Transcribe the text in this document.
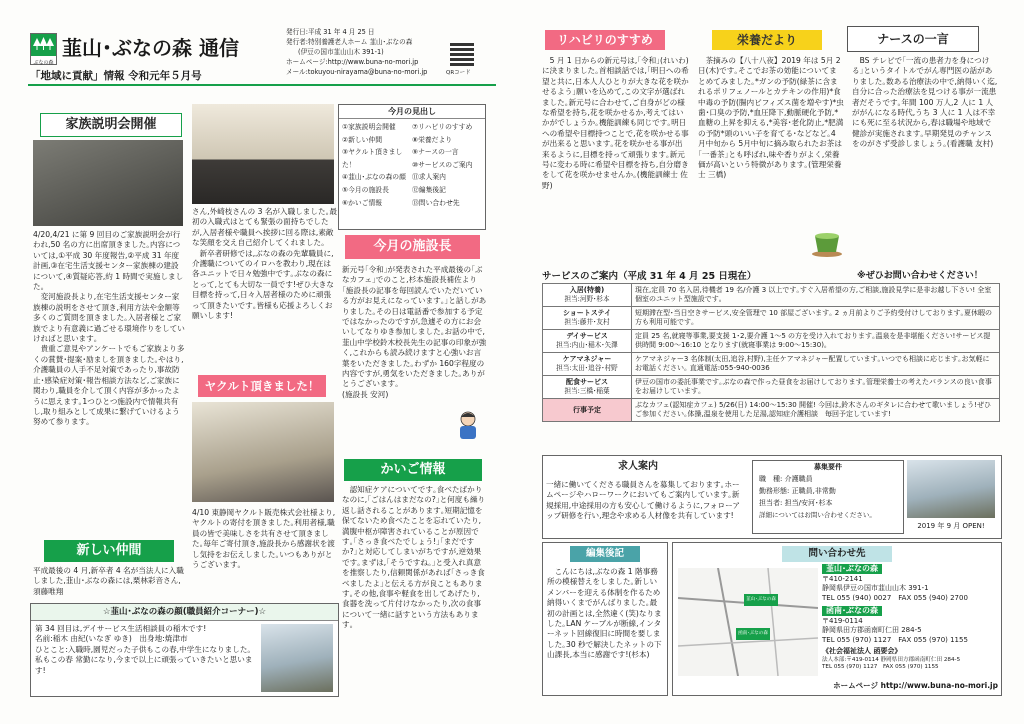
ぶなの森
韮山･ぶなの森 通信
「地域に貢献」情報 令和元年５月号
発行日:平成 31 年 4 月 25 日
発行者:特別養護老人ホーム 韮山･ぶなの森
(伊豆の国市韮山山木 391-1)
ホームページ:http://www.buna-no-mori.jp
メール:tokuyou-nirayama@buna-no-mori.jp	QRコード
家族説明会開催
4/20,4/21 に第 9 回目のご家族説明会が行われ,50 名の方に出席頂きました｡内容については,①平成 30 年度報告,②平成 31 年度計画,③在宅生活支援センター家族棟の建設について,④質疑応答,約 1 時間で実施しました｡
　変河施設長より,在宅生活支援センター家族棟の説明をさせて頂き,利用方法や金額等多くのご質問を頂きました｡入居者様とご家族でより有意義に過ごせる環境作りをしていければと思います｡
　貴重ご意見やアンケートでもご家族より多くの賞賛･提案･励ましを頂きました｡やはり,介護職員の人手不足対策であったり,事故防止･感染症対策･報告相談方法など,ご家族に関わり,職員を介して頂く内容が多かったように思えます｡1つひとつ施設内で情報共有し,取り組みとして成果に繋げていけるよう努めて参ります｡
さん,外崎枝さんの 3 名が入職しました｡最初の入職式はとても緊張の面持ちでしたが,入居者様や職員へ挨拶に回る際は,素敵な笑顔を交え自己紹介してくれました｡
　新卒者研修では,ぶなの森の先輩職員に,介護職についてのイロハを教わり,現在は各ユニットで日々勉強中です｡ぶなの森にとって,とても大切な一員です!ぜひ大きな目標を持って,日々入居者様のために頑張って頂きたいです｡皆様も応援よろしくお願いします!
新しい仲間
平成最後の 4 月,新卒者 4 名が当法人に入職しました,韮山･ぶなの森には,栗林彩音さん,須藤唯翔
今月の見出し
①家族説明会開催
②新しい仲間
③ヤクルト頂きました！
④韮山･ぶなの森の顔
⑤今月の施設長
⑥かいご情報
⑦リハビリのすすめ
⑧栄養だより
⑨ナースの一言
⑩サービスのご案内
⑪求人案内
⑫編集後記
⑬問い合わせ先
今月の施設長
新元号｢令和｣が発表された平成最後の｢ぶなカフェ｣でのこと,杉本施設長補佐より｢施設長の記事を毎回読んでいただいている方がお見えになっています｡｣と話しがありました｡その日は電話番で参加する予定ではなかったのですが,急遽その方にお会いしてなりゆき参加しました｡お話の中で,韮山中学校鈴木校長先生の記事の印象が強く,これからも読み続けますと心強いお言葉をいただきました｡わずか 160字程度の内容ですが,勇気をいただきました｡ありがとうございます｡
(施設長 安河)
ヤクルト頂きました！
4/10 東静岡ヤクルト販売株式会社様より,ヤクルトの寄付を頂きました｡利用者様,職員の皆で美味しさを共有させて頂きました｡毎年ご寄付頂き,施設長から感謝状を渡し気持をお伝えしました｡いつもありがとうございます｡
かいご情報
　認知症ケアについてです｡食べたばかりなのに,｢ごはんはまだなの?｣と何度も繰り返し話されることがあります｡短期記憶を保てないため食べたことを忘れていたり,満腹中枢が障害されていることが原因です｡｢さっき食べたでしょう!｣｢まだですか?｣と対応してしまいがちですが,逆効果です｡まずは,｢そうですね｡｣と受入れ真意を推察したり,信頼関係があれば｢さっき食べましたよ｣と伝える方が良こともあります｡その他,食事や軽食を出してあげたり,食器を洗って片付けなかったり,次の食事について一緒に話すという方法もあります｡
☆韮山･ぶなの森の顔(職員紹介コーナー)☆
第 34 回目は,デイサービス生活相談員の稲木です!
名前:稲木 由紀(いなぎ ゆき)　出身地:焼津市
ひとこと:入職時,園児だった子供もこの春,中学生になりました｡私もこの春 常勤になり,今まで以上に頑張っていきたいと思います!
リハビリのすすめ
　5 月 1 日からの新元号は,｢令和｣(れいわ)に決まりました｡首相談話では,｢明日への希望と共に,日本人人ひとりが大きな花を咲かせるよう｣願いを込めて,この文字が選ばれました｡新元号に合わせて,ご自身がどの様な希望を持ち,花を咲かせるか,考えてはいかがでしょうか｡機能訓練も同じです｡明日への希望や目標持つことで,花を咲かせる事が出来ると思います｡花を咲かせる事が出来るように,目標を持って頑張ります｡新元号に変わる時に希望や目標を持ち,自分磨きをして花を咲かせませんか｡(機能訓練士 佐野)
栄養だより
　茶摘みの【八十八夜】2019 年は 5月 2 日(木)です｡そこでお茶の効能についてまとめてみました｡*ガンの予防(緑茶に含まれるポリフェノールとカテキンの作用)*食中毒の予防(腸内ビフィズス菌を増やす)*虫歯･口臭の予防,*血圧降下,動脈硬化予防,*血糖の上昇を抑える,*美容･老化防止,*肥満の予防*頭のいい子を育てる･などなど｡4 月中旬から 5月中旬に摘み取られたお茶は｢一番茶｣とも呼ばれ,味や香りがよく,栄養価が高いという特徴があります｡(管理栄養士 三橋)
ナースの一言
　BS テレビで｢一流の患者力を身につける｣というタイトルでがん専門医の話がありました｡数ある治療法の中で,納得いく迄,自分に合った治療法を見つける事が一流患者だそうです｡年間 100 万人,2 人に 1 人ががんになる時代,うち 3 人に 1 人は不幸にも死に至る状況から,春は職場や地域で健診が実施されます｡早期発見のチャンスをのがさず受診しましょう｡(看護職 友村)
サービスのご案内（平成 31 年 4 月 25 日現在）	※ぜひお問い合わせください！
入居(特養)
担当:河野･杉本	現在,定員 70 名入居,待機者 19 名/介護 3 以上です｡すぐ入居希望の方,ご相談,施設見学に是非お越し下さい! 全室個室のユニット型施設です｡

ショートステイ
担当:藤井･友村	短期滞在型･当日空きサービス,安全管理で 10 部屋ございます｡ 2 ヵ月前よりご予約受付けしております｡夏休暇の方も利用可能です｡

デイサービス
担当:内山･稲木･矢澤	定員 25 名,就寝等事業,要支援 1･2,要介護 1～5 の方を受け入れております｡温泉を是非堪能ください!サービス提供時間 9:00～16:10 となります(就寝事業は 9:00～15:30)｡

ケアマネジャー
担当:太田･追谷･村野	ケアマネジャー3 名体制(太田,追谷,村野),主任ケアマネジャー配置しています｡いつでも相談に応じます｡お気軽にお電話ください｡ 直通電話:055-940-0036

配食サービス
担当:三橋･稲葉	伊豆の国市の委託事業です｡ぶなの森で作った昼食をお届けしております｡管理栄養士の考えたバランスの良い食事をお届けしています｡

行事予定	ぶなカフェ(認知症カフェ) 5/26(日) 14:00～15:30 開催! 今回は,鈴木さんのギタレに合わせて歌いましょう!ぜひご参加ください｡体操,温泉を使用した足湯,認知症介護相談　毎回予定しています!
求人案内
一緒に働いてくださる職員さんを募集しております｡ホームページやハローワークにおいてもご案内しています｡新規採用,中途採用の方も安心して働けるように,フォローアップ研修を行い,理念や求める人材像を共有しています!
募集要件
職　種: 介護職員
勤務形態: 正職員,非常勤
担当者: 担当/安河･杉本
詳細についてはお問い合わせください｡
2019 年 9 月 OPEN!
編集後記
　こんにちは,ぶなの森 1 階事務所の模様替えをしました｡新しいメンバーを迎える体制を作るため納得いくまでがんばりました｡最初の計画とは,全然違く(笑)なりました｡LAN ケーブルが断線,インターネット回線復旧に時間を要しました｡30 秒で解決したネットの下山課長,本当に感謝です!(杉本)
問い合わせ先
韮山･ぶなの森
函南･ぶなの森
韮山･ぶなの森
〒410-2141
静岡県伊豆の国市韮山山木 391-1
TEL 055 (940) 0027　FAX 055 (940) 2700
函南･ぶなの森
〒419-0114
静岡県田方郡函南町仁田 284-5
TEL 055 (970) 1127　FAX 055 (970) 1155
《社会福祉法人 函要会》
法人本部:〒419-0114 静岡県田方郡函南町仁田 284-5
TEL 055 (970) 1127　FAX 055 (970) 1155
ホームページ http://www.buna-no-mori.jp
